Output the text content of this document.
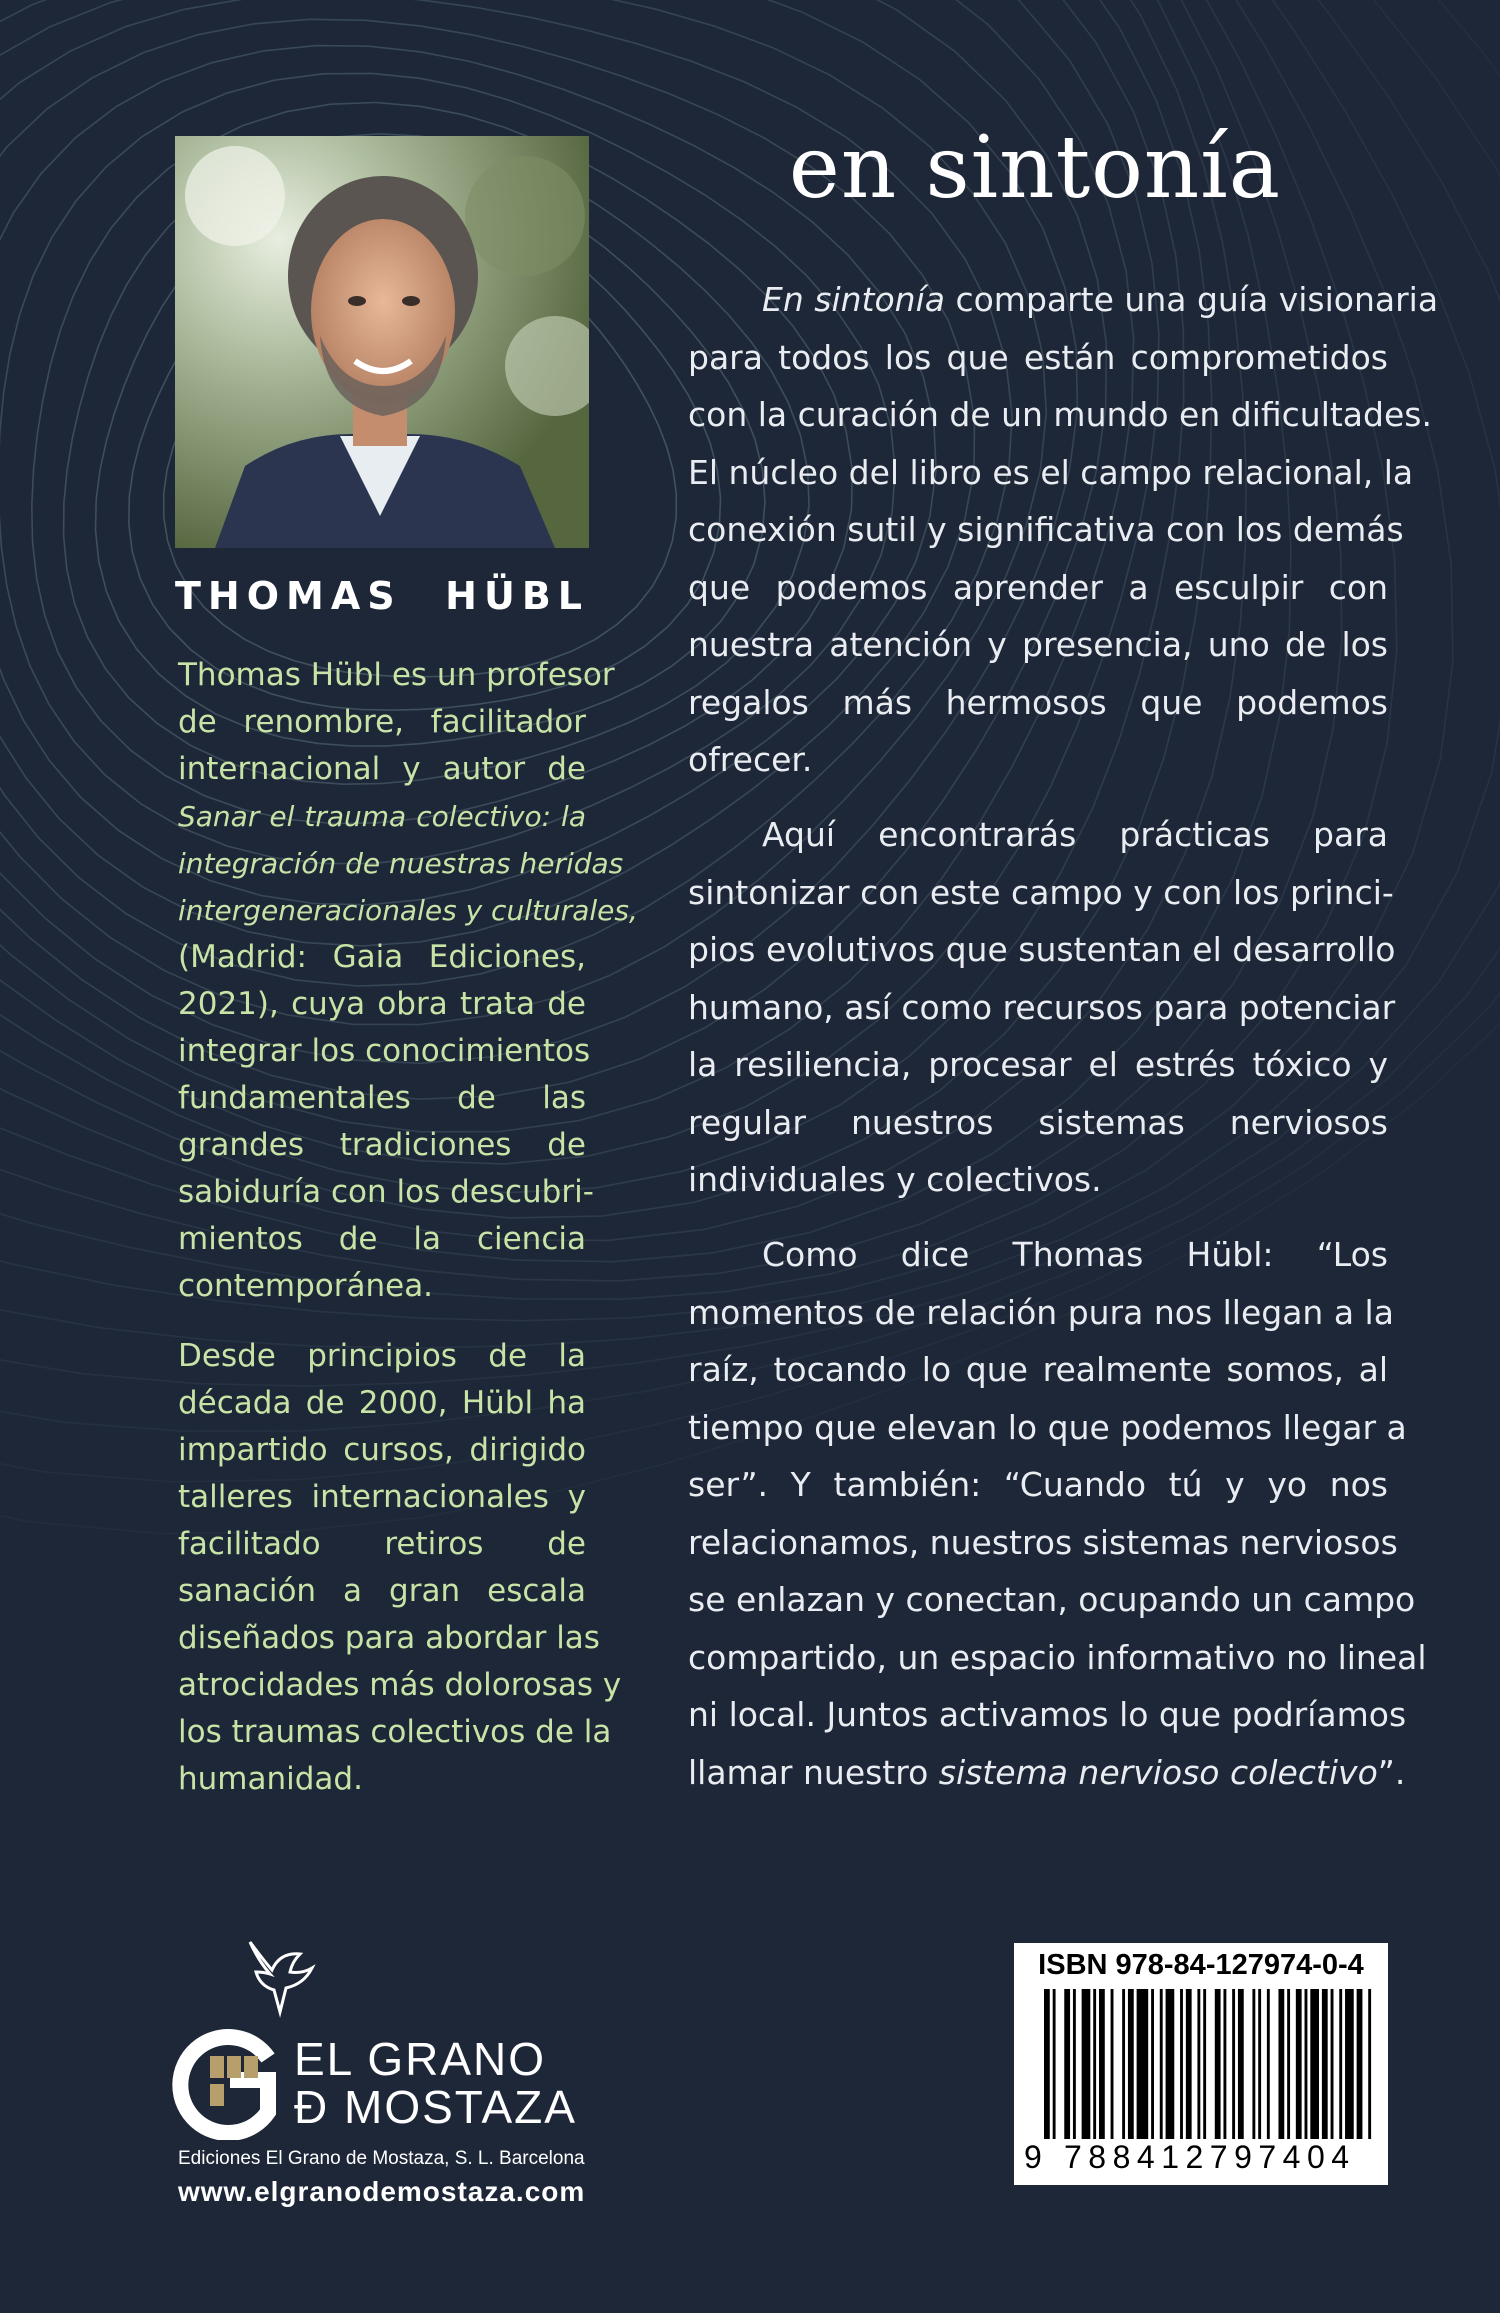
THOMAS HÜBL

Thomas Hübl es un profesor
de renombre, facilitador
internacional y autor de
Sanar el trauma colectivo: la
integración de nuestras heridas
intergeneracionales y culturales,
(Madrid: Gaia Ediciones,
2021), cuya obra trata de
integrar los conocimientos
fundamentales de las
grandes tradiciones de
sabiduría con los descubri-
mientos de la ciencia
contemporánea.

Desde principios de la
década de 2000, Hübl ha
impartido cursos, dirigido
talleres internacionales y
facilitado retiros de
sanación a gran escala
diseñados para abordar las
atrocidades más dolorosas y
los traumas colectivos de la
humanidad.

en sintonía

En sintonía comparte una guía visionaria
para todos los que están comprometidos
con la curación de un mundo en dificultades.
El núcleo del libro es el campo relacional, la
conexión sutil y significativa con los demás
que podemos aprender a esculpir con
nuestra atención y presencia, uno de los
regalos más hermosos que podemos
ofrecer.

Aquí encontrarás prácticas para
sintonizar con este campo y con los princi-
pios evolutivos que sustentan el desarrollo
humano, así como recursos para potenciar
la resiliencia, procesar el estrés tóxico y
regular nuestros sistemas nerviosos
individuales y colectivos.

Como dice Thomas Hübl: “Los
momentos de relación pura nos llegan a la
raíz, tocando lo que realmente somos, al
tiempo que elevan lo que podemos llegar a
ser”. Y también: “Cuando tú y yo nos
relacionamos, nuestros sistemas nerviosos
se enlazan y conectan, ocupando un campo
compartido, un espacio informativo no lineal
ni local. Juntos activamos lo que podríamos
llamar nuestro sistema nervioso colectivo”.

EL GRANO
Ð MOSTAZA
Ediciones El Grano de Mostaza, S. L. Barcelona
www.elgranodemostaza.com
ISBN 978-84-127974-0-4
9 788412797404
